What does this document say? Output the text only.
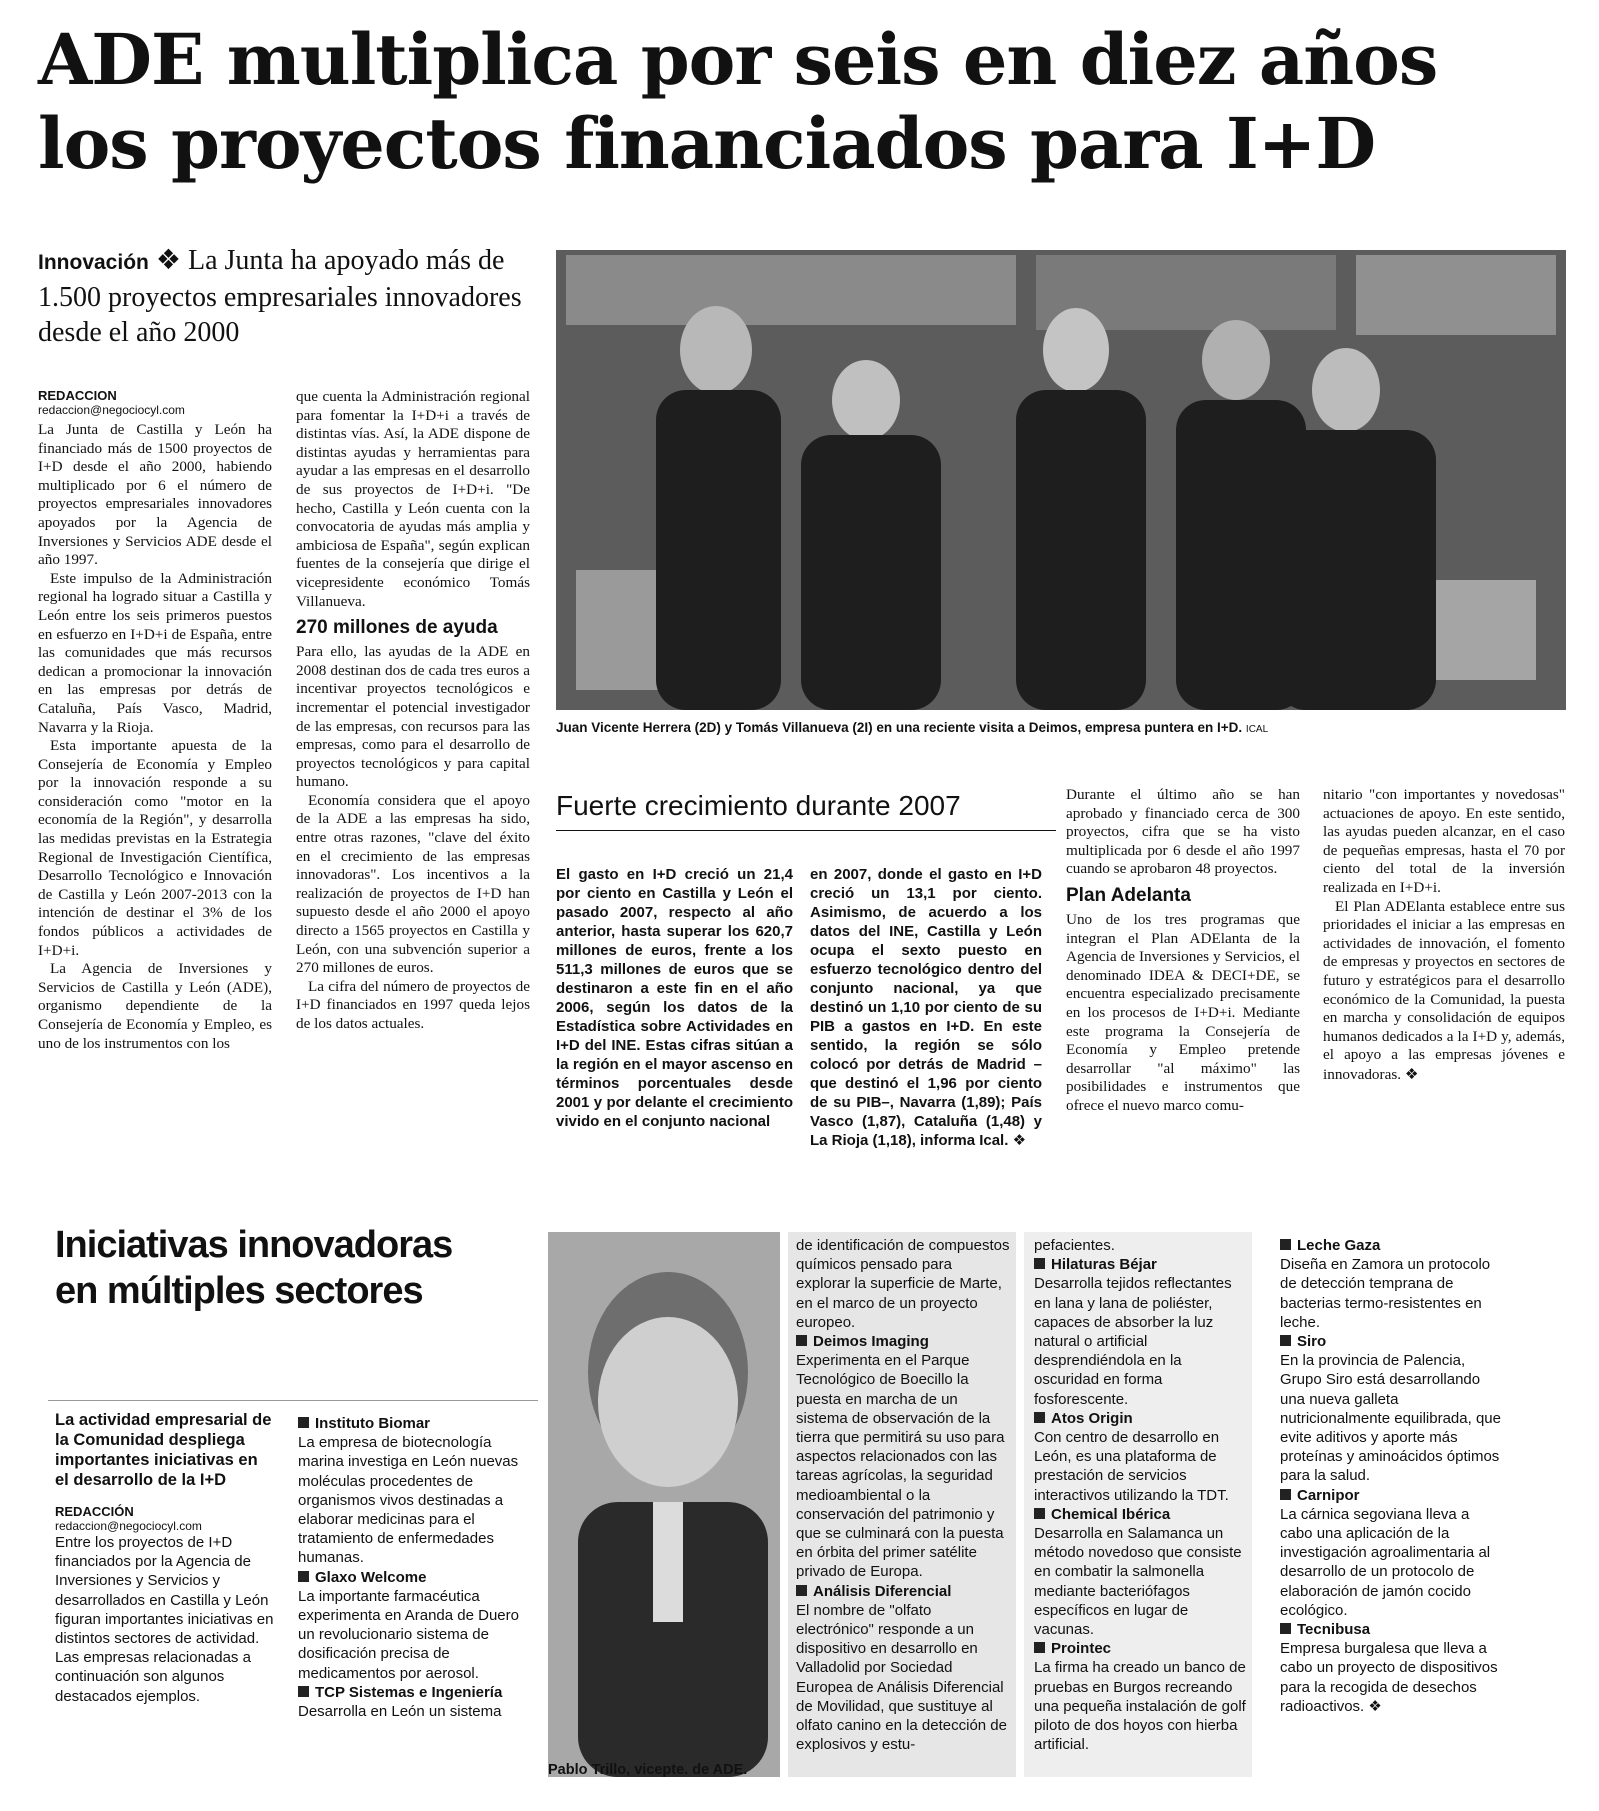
ADE multiplica por seis en diez años
los proyectos financiados para I+D
Innovación ❖ La Junta ha apoyado más de 1.500 proyectos empresariales innovadores desde el año 2000
REDACCION
redaccion@negociocyl.com

La Junta de Castilla y León ha financiado más de 1500 proyectos de I+D desde el año 2000, habiendo multiplicado por 6 el número de proyectos empresariales innovadores apoyados por la Agencia de Inversiones y Servicios ADE desde el año 1997.

Este impulso de la Administración regional ha logrado situar a Castilla y León entre los seis primeros puestos en esfuerzo en I+D+i de España, entre las comunidades que más recursos dedican a promocionar la innovación en las empresas por detrás de Cataluña, País Vasco, Madrid, Navarra y la Rioja.

Esta importante apuesta de la Consejería de Economía y Empleo por la innovación responde a su consideración como "motor en la economía de la Región", y desarrolla las medidas previstas en la Estrategia Regional de Investigación Científica, Desarrollo Tecnológico e Innovación de Castilla y León 2007-2013 con la intención de destinar el 3% de los fondos públicos a actividades de I+D+i.

La Agencia de Inversiones y Servicios de Castilla y León (ADE), organismo dependiente de la Consejería de Economía y Empleo, es uno de los instrumentos con los

que cuenta la Administración regional para fomentar la I+D+i a través de distintas vías. Así, la ADE dispone de distintas ayudas y herramientas para ayudar a las empresas en el desarrollo de sus proyectos de I+D+i. "De hecho, Castilla y León cuenta con la convocatoria de ayudas más amplia y ambiciosa de España", según explican fuentes de la consejería que dirige el vicepresidente económico Tomás Villanueva.

270 millones de ayuda

Para ello, las ayudas de la ADE en 2008 destinan dos de cada tres euros a incentivar proyectos tecnológicos e incrementar el potencial investigador de las empresas, con recursos para las empresas, como para el desarrollo de proyectos tecnológicos y para capital humano.

Economía considera que el apoyo de la ADE a las empresas ha sido, entre otras razones, "clave del éxito en el crecimiento de las empresas innovadoras". Los incentivos a la realización de proyectos de I+D han supuesto desde el año 2000 el apoyo directo a 1565 proyectos en Castilla y León, con una subvención superior a 270 millones de euros.

La cifra del número de proyectos de I+D financiados en 1997 queda lejos de los datos actuales.

Juan Vicente Herrera (2D) y Tomás Villanueva (2I) en una reciente visita a Deimos, empresa puntera en I+D. ICAL
Fuerte crecimiento durante 2007
El gasto en I+D creció un 21,4 por ciento en Castilla y León el pasado 2007, respecto al año anterior, hasta superar los 620,7 millones de euros, frente a los 511,3 millones de euros que se destinaron a este fin en el año 2006, según los datos de la Estadística sobre Actividades en I+D del INE. Estas cifras sitúan a la región en el mayor ascenso en términos porcentuales desde 2001 y por delante el crecimiento vivido en el conjunto nacional
en 2007, donde el gasto en I+D creció un 13,1 por ciento. Asimismo, de acuerdo a los datos del INE, Castilla y León ocupa el sexto puesto en esfuerzo tecnológico dentro del conjunto nacional, ya que destinó un 1,10 por ciento de su PIB a gastos en I+D. En este sentido, la región se sólo colocó por detrás de Madrid –que destinó el 1,96 por ciento de su PIB–, Navarra (1,89); País Vasco (1,87), Cataluña (1,48) y La Rioja (1,18), informa Ical. ❖

Durante el último año se han aprobado y financiado cerca de 300 proyectos, cifra que se ha visto multiplicada por 6 desde el año 1997 cuando se aprobaron 48 proyectos.

Plan Adelanta

Uno de los tres programas que integran el Plan ADElanta de la Agencia de Inversiones y Servicios, el denominado IDEA & DECI+DE, se encuentra especializado precisamente en los procesos de I+D+i. Mediante este programa la Consejería de Economía y Empleo pretende desarrollar "al máximo" las posibilidades e instrumentos que ofrece el nuevo marco comu-

nitario "con importantes y novedosas" actuaciones de apoyo. En este sentido, las ayudas pueden alcanzar, en el caso de pequeñas empresas, hasta el 70 por ciento del total de la inversión realizada en I+D+i.

El Plan ADElanta establece entre sus prioridades el iniciar a las empresas en actividades de innovación, el fomento de empresas y proyectos en sectores de futuro y estratégicos para el desarrollo económico de la Comunidad, la puesta en marcha y consolidación de equipos humanos dedicados a la I+D y, además, el apoyo a las empresas jóvenes e innovadoras. ❖

Iniciativas innovadoras
en múltiples sectores
La actividad empresarial de la Comunidad despliega importantes iniciativas en el desarrollo de la I+D
REDACCIÓN
redaccion@negociocyl.com
Entre los proyectos de I+D financiados por la Agencia de Inversiones y Servicios y desarrollados en Castilla y León figuran importantes iniciativas en distintos sectores de actividad. Las empresas relacionadas a continuación son algunos destacados ejemplos.
Instituto Biomar

La empresa de biotecnología marina investiga en León nuevas moléculas procedentes de organismos vivos destinadas a elaborar medicinas para el tratamiento de enfermedades humanas.

Glaxo Welcome

La importante farmacéutica experimenta en Aranda de Duero un revolucionario sistema de dosificación precisa de medicamentos por aerosol.

TCP Sistemas e Ingeniería

Desarrolla en León un sistema

Pablo Trillo, vicepte. de ADE.

de identificación de compuestos químicos pensado para explorar la superficie de Marte, en el marco de un proyecto europeo.

Deimos Imaging

Experimenta en el Parque Tecnológico de Boecillo la puesta en marcha de un sistema de observación de la tierra que permitirá su uso para aspectos relacionados con las tareas agrícolas, la seguridad medioambiental o la conservación del patrimonio y que se culminará con la puesta en órbita del primer satélite privado de Europa.

Análisis Diferencial

El nombre de "olfato electrónico" responde a un dispositivo en desarrollo en Valladolid por Sociedad Europea de Análisis Diferencial de Movilidad, que sustituye al olfato canino en la detección de explosivos y estu-

pefacientes.

Hilaturas Béjar

Desarrolla tejidos reflectantes en lana y lana de poliéster, capaces de absorber la luz natural o artificial desprendiéndola en la oscuridad en forma fosforescente.

Atos Origin

Con centro de desarrollo en León, es una plataforma de prestación de servicios interactivos utilizando la TDT.

Chemical Ibérica

Desarrolla en Salamanca un método novedoso que consiste en combatir la salmonella mediante bacteriófagos específicos en lugar de vacunas.

Prointec

La firma ha creado un banco de pruebas en Burgos recreando una pequeña instalación de golf piloto de dos hoyos con hierba artificial.

Leche Gaza

Diseña en Zamora un protocolo de detección temprana de bacterias termo-resistentes en leche.

Siro

En la provincia de Palencia, Grupo Siro está desarrollando una nueva galleta nutricionalmente equilibrada, que evite aditivos y aporte más proteínas y aminoácidos óptimos para la salud.

Carnipor

La cárnica segoviana lleva a cabo una aplicación de la investigación agroalimentaria al desarrollo de un protocolo de elaboración de jamón cocido ecológico.

Tecnibusa

Empresa burgalesa que lleva a cabo un proyecto de dispositivos para la recogida de desechos radioactivos. ❖
